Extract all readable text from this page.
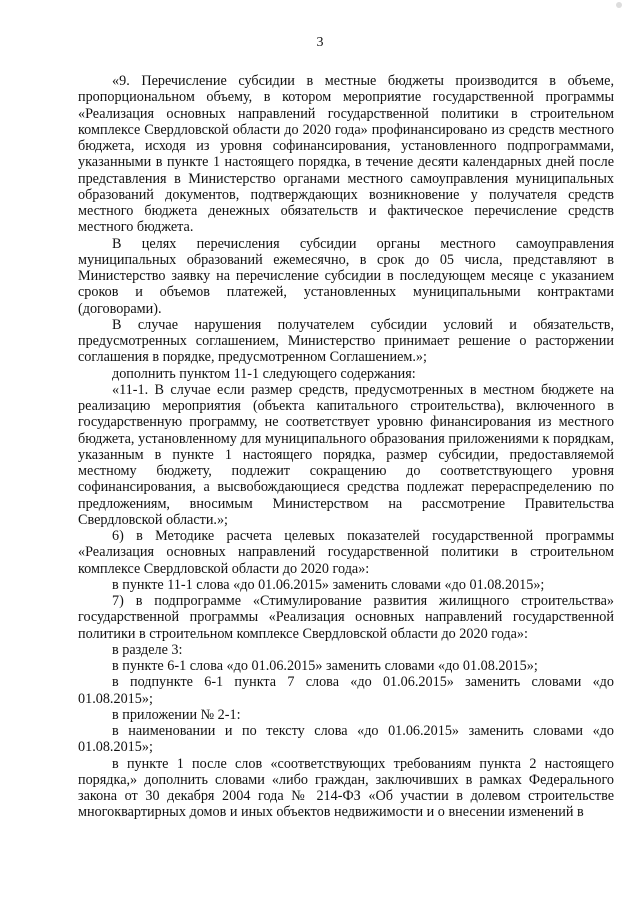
3

«9. Перечисление субсидии в местные бюджеты производится в объеме, пропорциональном объему, в котором мероприятие государственной программы «Реализация основных направлений государственной политики в строительном комплексе Свердловской области до 2020 года» профинансировано из средств местного бюджета, исходя из уровня софинансирования, установленного подпрограммами, указанными в пункте 1 настоящего порядка, в течение десяти календарных дней после представления в Министерство органами местного самоуправления муниципальных образований документов, подтверждающих возникновение у получателя средств местного бюджета денежных обязательств и фактическое перечисление средств местного бюджета.

В целях перечисления субсидии органы местного самоуправления муниципальных образований ежемесячно, в срок до 05 числа, представляют в Министерство заявку на перечисление субсидии в последующем месяце с указанием сроков и объемов платежей, установленных муниципальными контрактами (договорами).

В случае нарушения получателем субсидии условий и обязательств, предусмотренных соглашением, Министерство принимает решение о расторжении соглашения в порядке, предусмотренном Соглашением.»;

дополнить пунктом 11-1 следующего содержания:

«11-1. В случае если размер средств, предусмотренных в местном бюджете на реализацию мероприятия (объекта капитального строительства), включенного в государственную программу, не соответствует уровню финансирования из местного бюджета, установленному для муниципального образования приложениями к порядкам, указанным в пункте 1 настоящего порядка, размер субсидии, предоставляемой местному бюджету, подлежит сокращению до соответствующего уровня софинансирования, а высвобождающиеся средства подлежат перераспределению по предложениям, вносимым Министерством на рассмотрение Правительства Свердловской области.»;

6) в Методике расчета целевых показателей государственной программы «Реализация основных направлений государственной политики в строительном комплексе Свердловской области до 2020 года»:

в пункте 11-1 слова «до 01.06.2015» заменить словами «до 01.08.2015»;

7) в подпрограмме «Стимулирование развития жилищного строительства» государственной программы «Реализация основных направлений государственной политики в строительном комплексе Свердловской области до 2020 года»:

в разделе 3:

в пункте 6-1 слова «до 01.06.2015» заменить словами «до 01.08.2015»;

в подпункте 6-1 пункта 7 слова «до 01.06.2015» заменить словами «до 01.08.2015»;

в приложении № 2-1:

в наименовании и по тексту слова «до 01.06.2015» заменить словами «до 01.08.2015»;

в пункте 1 после слов «соответствующих требованиям пункта 2 настоящего порядка,» дополнить словами «либо граждан, заключивших в рамках Федерального закона от 30 декабря 2004 года № 214-ФЗ «Об участии в долевом строительстве многоквартирных домов и иных объектов недвижимости и о внесении изменений в
